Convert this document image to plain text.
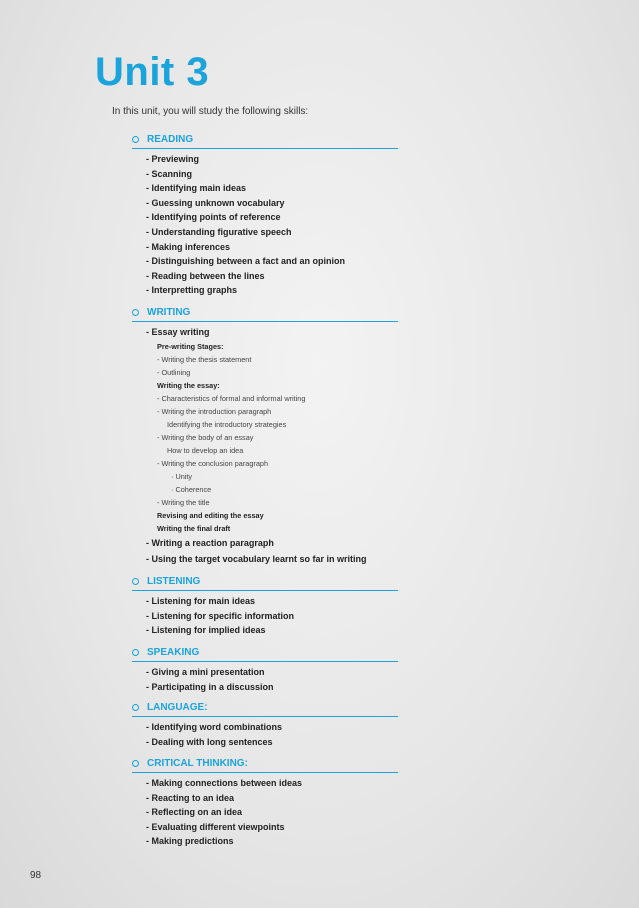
Unit 3
In this unit, you will study the following skills:
READING
- Previewing
- Scanning
- Identifying main ideas
- Guessing unknown vocabulary
- Identifying points of reference
- Understanding figurative speech
- Making inferences
- Distinguishing between a fact and an opinion
- Reading between the lines
- Interpretting graphs
WRITING
- Essay writing
Pre-writing Stages:
- Writing the thesis statement
- Outlining
Writing the essay:
- Characteristics of formal and informal writing
- Writing the introduction paragraph
Identifying the introductory strategies
- Writing the body of an essay
How to develop an idea
- Writing the conclusion paragraph
· Unity
· Coherence
- Writing the title
Revising and editing the essay
Writing the final draft
- Writing a reaction paragraph
- Using the target vocabulary learnt so far in writing
LISTENING
- Listening for main ideas
- Listening for specific information
- Listening for implied ideas
SPEAKING
- Giving a mini presentation
- Participating in a discussion
LANGUAGE:
- Identifying word combinations
- Dealing with long sentences
CRITICAL THINKING:
- Making connections between ideas
- Reacting to an idea
- Reflecting on an idea
- Evaluating different viewpoints
- Making predictions
98
